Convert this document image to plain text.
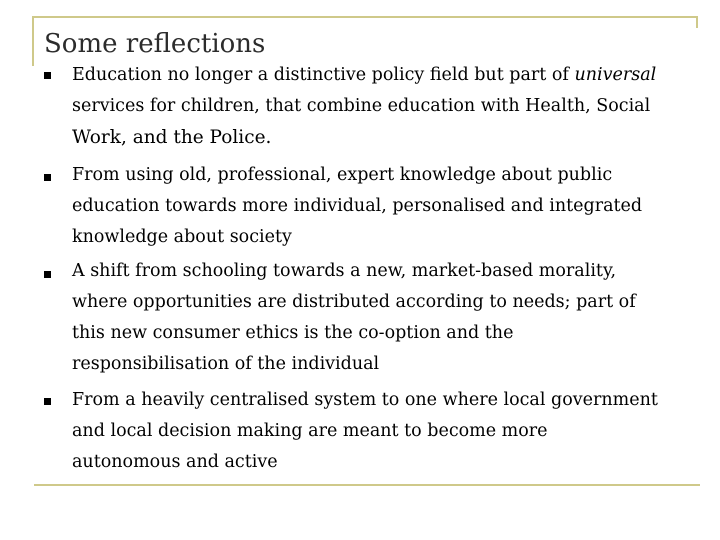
Some reflections
Education no longer a distinctive policy field but part of universal
services for children, that combine education with Health, Social
Work, and the Police.
From using old, professional, expert knowledge about public
education towards more individual, personalised and integrated
knowledge about society
A shift from schooling towards a new, market-based morality,
where opportunities are distributed according to needs; part of
this new consumer ethics is the co-option and the
responsibilisation of the individual
From a heavily centralised system to one where local government
and local decision making are meant to become more
autonomous and active
